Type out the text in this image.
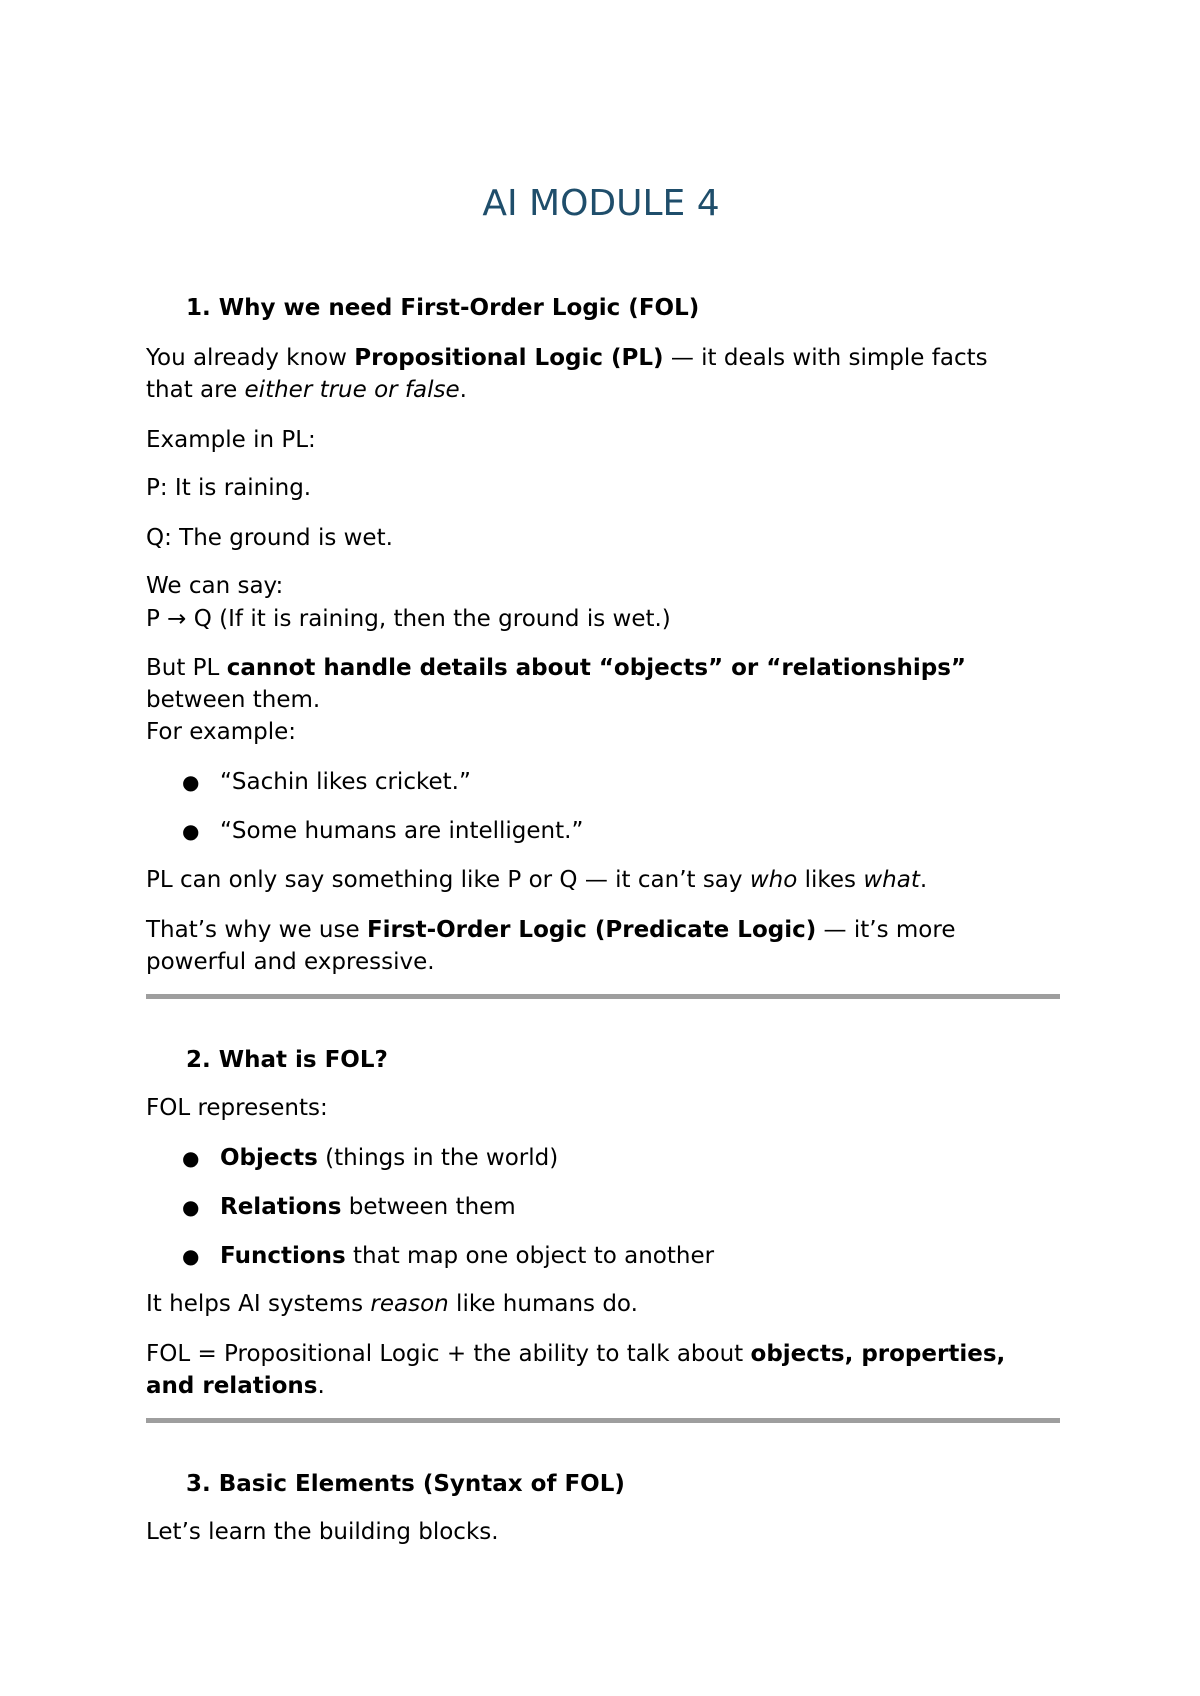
AI MODULE 4
1. Why we need First-Order Logic (FOL)
You already know Propositional Logic (PL) — it deals with simple facts
that are either true or false.
Example in PL:
P: It is raining.
Q: The ground is wet.
We can say:
P → Q (If it is raining, then the ground is wet.)
But PL cannot handle details about “objects” or “relationships”
between them.
For example:
● “Sachin likes cricket.”
● “Some humans are intelligent.”
PL can only say something like P or Q — it can’t say who likes what.
That’s why we use First-Order Logic (Predicate Logic) — it’s more
powerful and expressive.
2. What is FOL?
FOL represents:
● Objects (things in the world)
● Relations between them
● Functions that map one object to another
It helps AI systems reason like humans do.
FOL = Propositional Logic + the ability to talk about objects, properties,
and relations.
3. Basic Elements (Syntax of FOL)
Let’s learn the building blocks.
